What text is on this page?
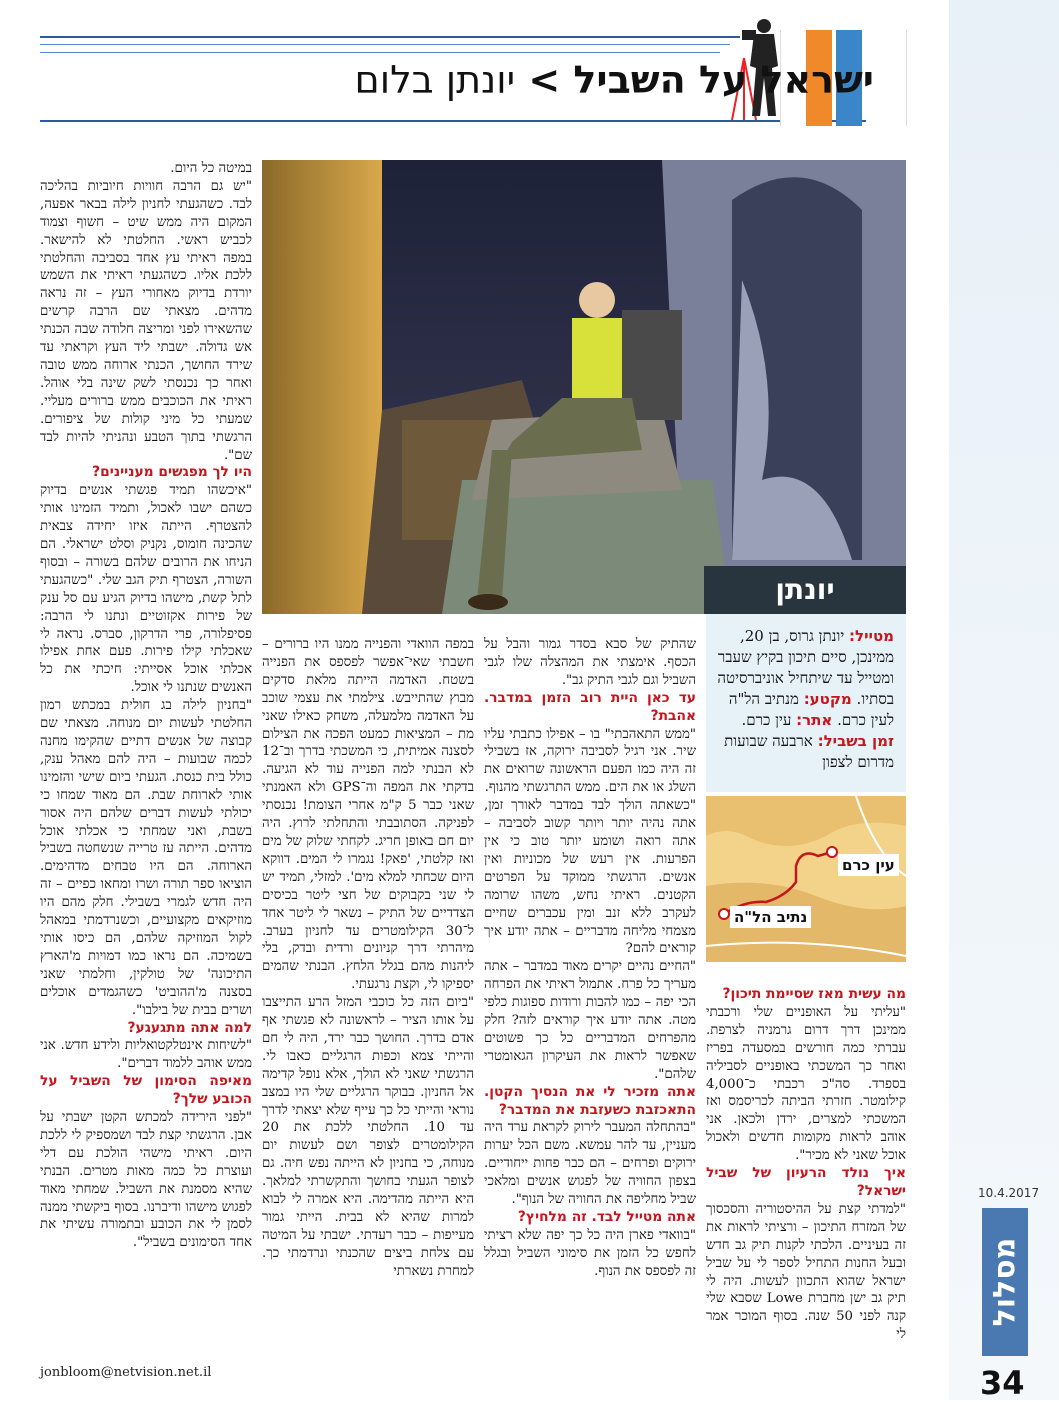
ישראל על השביל > יונתן בלום
יונתן
מטייל: יונתן גרוס, בן 20, ממינכן, סיים תיכון בקיץ שעבר ומטייל עד שיתחיל אוניברסיטה בסתיו. מקטע: מנתיב הל"ה לעין כרם. אתר: עין כרם. זמן בשביל: ארבעה שבועות מדרום לצפון
עין כרם
נתיב הל"ה

מה עשית מאז שסיימת תיכון?

"עליתי על האופניים שלי ורכבתי ממינכן דרך דרום גרמניה לצרפת. עברתי כמה חורשים במסעדה בפריז ואחר כך המשכתי באופניים לסביליה בספרד. סה"כ רכבתי כ־4,000 קילומטר. חזרתי הביתה לכריסמס ואז המשכתי למצרים, ירדן ולכאן. אני אוהב לראות מקומות חדשים ולאכול אוכל שאני לא מכיר".

איך נולד הרעיון של שביל ישראל?

"למדתי קצת על ההיסטוריה והסכסוך של המזרח התיכון – ורציתי לראות את זה בעיניים. הלכתי לקנות תיק גב חדש ובעל החנות התחיל לספר לי על שביל ישראל שהוא התכוון לעשות. היה לי תיק גב ישן מחברת Lowe שסבא שלי קנה לפני 50 שנה. בסוף המוכר אמר לי

שהתיק של סבא בסדר גמור והבל על הכסף. אימצתי את המהצלה שלו לגבי השביל וגם לגבי התיק גב".

עד כאן היית רוב הזמן במדבר. אהבת?

"ממש התאהבתי" בו – אפילו כתבתי עליו שיר. אני רגיל לסביבה ירוקה, אז בשבילי זה היה כמו הפעם הראשונה שרואים את השלג או את הים. ממש התרגשתי מהנוף.

"כשאתה הולך לבד במדבר לאורך זמן, אתה נהיה יותר ויותר קשוב לסביבה – אתה רואה ושומע יותר טוב כי אין הפרעות. אין רעש של מכוניות ואין אנשים. הרגשתי ממוקד על הפרטים הקטנים. ראיתי נחש, משהו שרומה לעקרב ללא זנב ומין עכברים שחיים מצמחי מליחה מדבריים – אתה יודע איך קוראים להם?

"החיים נהיים יקרים מאוד במדבר – אתה מעריך כל פרח. אתמול ראיתי את הפרחה הכי יפה – כמו להבות ורודות ספוגות כלפי מטה. אתה יודע איך קוראים לזה? חלק מהפרחים המדבריים כל כך פשוטים שאפשר לראות את העיקרון הגאומטרי שלהם".

אתה מזכיר לי את הנסיך הקטן. התאכזבת כשעזבת את המדבר?

"בהתחלה המעבר לירוק לקראת ערד היה מעניין, עד להר עמשא. משם הכל יערות ירוקים ופרחים – הם כבר פחות ייחודיים. בצפון החוויה של לפגוש אנשים ומלאכי שביל מחליפה את החוויה של הנוף".

אתה מטייל לבד. זה מלחיץ?

"בוואדי פארן היה כל כך יפה שלא רציתי לחפש כל הזמן את סימוני השביל ובגלל זה לפספס את הנוף.

במפה הוואדי והפנייה ממנו היו ברורים – חשבתי שאי־אפשר לפספס את הפנייה בשטח. האדמה הייתה מלאת סדקים מבוץ שהתייבש. צילמתי את עצמי שוכב על האדמה מלמעלה, משחק כאילו שאני מת – המציאות כמעט הפכה את הצילום לסצנה אמיתית, כי המשכתי בדרך וב־12 לא הבנתי למה הפנייה עוד לא הגיעה. בדקתי את המפה וה־GPS ולא האמנתי שאני כבר 5 ק"מ אחרי הצומת! נכנסתי לפניקה. הסתובבתי והתחלתי לרוץ. היה יום חם באופן חריג. לקחתי שלוק של מים ואז קלטתי, 'פאק! נגמרו לי המים. דווקא היום שכחתי למלא מים'. למזלי, תמיד יש לי שני בקבוקים של חצי ליטר בכיסים הצדדיים של התיק – נשאר לי ליטר אחד ל־30 הקילומטרים עד לחניון בערב. מיהרתי דרך קניונים ורדית ובדק, בלי ליהנות מהם בגלל הלחץ. הבנתי שהמים יספיקו לי, וקצת נרגעתי.

"ביום הזה כל כוכבי המזל הרע התייצבו על אותו הציר – לראשונה לא פגשתי אף אדם בדרך. החושך כבר ירד, היה לי חם והייתי צמא וכפות הרגליים כאבו לי. הרגשתי שאני לא הולך, אלא נופל קדימה אל החניון. בבוקר הרגליים שלי היו במצב נוראי והייתי כל כך עייף שלא יצאתי לדרך עד 10. החלטתי ללכת את 20 הקילומטרים לצופר ושם לעשות יום מנוחה, כי בחניון לא הייתה נפש חיה. גם לצופר הגעתי בחושך והתקשרתי למלאך. היא הייתה מהדימה. היא אמרה לי לבוא למרות שהיא לא בבית. הייתי גמור מעייפות – כבר רעדתי. ישבתי על המיטה עם צלחת ביצים שהכנתי ונרדמתי כך. למחרת נשארתי

במיטה כל היום.

"יש גם הרבה חוויות חיוביות בהליכה לבד. כשהגעתי לחניון לילה בבאר אפעה, המקום היה ממש שיט – חשוף וצמוד לכביש ראשי. החלטתי לא להישאר. במפה ראיתי עץ אחד בסביבה והחלטתי ללכת אליו. כשהגעתי ראיתי את השמש יורדת בדיוק מאחורי העץ – זה נראה מדהים. מצאתי שם הרבה קרשים שהשאירו לפני ומריצה חלודה שבה הכנתי אש גדולה. ישבתי ליד העץ וקראתי עד שירד החושך, הכנתי ארוחה ממש טובה ואחר כך נכנסתי לשק שינה בלי אוהל. ראיתי את הכוכבים ממש ברורים מעליי. שמעתי כל מיני קולות של ציפורים. הרגשתי בתוך הטבע ונהניתי להיות לבד שם".

היו לך מפגשים מעניינים?

"איכשהו תמיד פגשתי אנשים בדיוק כשהם ישבו לאכול, ותמיד הזמינו אותי להצטרף. הייתה איזו יחידה צבאית שהכינה חומוס, נקניק וסלט ישראלי. הם הניחו את הרובים שלהם בשורה – ובסוף השורה, הצטרף תיק הגב שלי. "כשהגעתי לתל קשת, מישהו בדיוק הגיע עם סל ענק של פירות אקזוטיים ונתנו לי הרבה: פסיפלורה, פרי הדרקון, סברס. נראה לי שאכלתי קילו פירות. פעם אחת אפילו אכלתי אוכל אסייתי: חיכתי את כל האנשים שנתנו לי אוכל.

"בחניון לילה בג חולית במכתש רמון החלטתי לעשות יום מנוחה. מצאתי שם קבוצה של אנשים דתיים שהקימו מחנה לכמה שבועות – היה להם מאהל ענק, כולל בית כנסת. הגעתי ביום שישי והזמינו אותי לארוחת שבת. הם מאוד שמחו כי יכולתי לעשות דברים שלהם היה אסור בשבת, ואני שמחתי כי אכלתי אוכל מדהים. הייתה עז טרייה שנשחטה בשביל הארוחה. הם היו טבחים מדהימים. הוציאו ספר תורה ושרו ומחאו כפיים – זה היה חדש לגמרי בשבילי. חלק מהם היו מוזיקאים מקצועיים, וכשנרדמתי במאהל לקול המוזיקה שלהם, הם כיסו אותי בשמיכה. הם נראו כמו דמויות מ'הארץ התיכונה' של טולקין, וחלמתי שאני בסצנה מ'ההוביט' כשהגמדים אוכלים ושרים בבית של בילבו".

למה אתה מתגעגע?

"לשיחות אינטלקטואליות ולידע חדש. אני ממש אוהב ללמוד דברים".

מאיפה הסימון של השביל על הכובע שלך?

"לפני הירידה למכתש הקטן ישבתי על אבן. הרגשתי קצת לבד ושמספיק לי ללכת היום. ראיתי מישהי הולכת עם דלי ועוצרת כל כמה מאות מטרים. הבנתי שהיא מסמנת את השביל. שמחתי מאוד לפגוש מישהו ודיברנו. בסוף ביקשתי ממנה לסמן לי את הכובע ובתמורה עשיתי את אחד הסימונים בשביל".

jonbloom@netvision.net.il
10.4.2017
מסלול
34
